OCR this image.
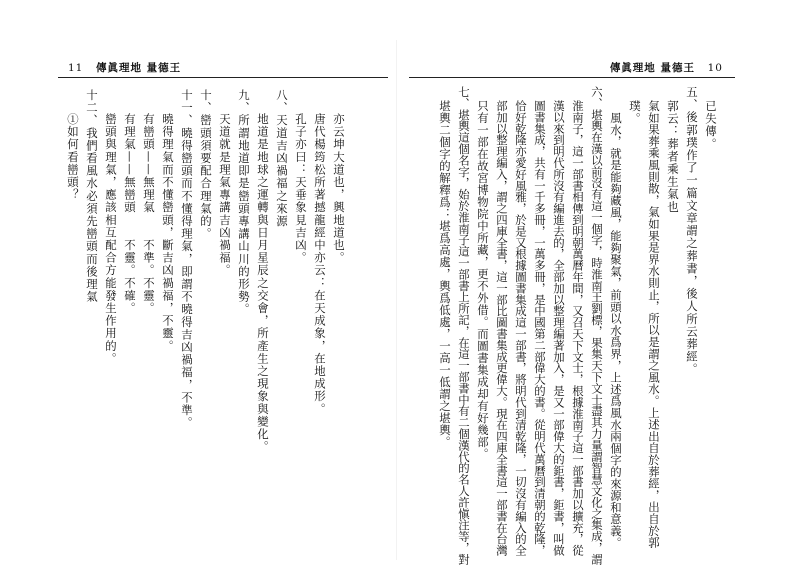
11 傳眞理地 量德王
亦云坤大道也，興地道也。
唐代楊筠松所著撼龍經中亦云：在天成象，在地成形。
孔子亦曰：天垂象見吉凶。
八、天道吉凶禍福之來源
地道是地球之運轉與日月星辰之交會，所產生之現象與變化。
九、所謂地道即是巒頭專講山川的形勢。
天道就是理氣專講吉凶禍福。
十、巒頭須要配合理氣的。
十一、曉得巒頭而不懂得理氣，即謂不曉得吉凶禍福，不準。
曉得理氣而不懂巒頭，斷吉凶禍福，不靈。
有巒頭——無理氣　　不準。不靈。
有理氣——無巒頭　　不靈。不確。
巒頭與理氣，應該相互配合方能發生作用的。
十二、我們看風水必須先巒頭而後理氣
①如何看巒頭？
傳眞理地 量德王 10
已失傳。
五、後郭璞作了一篇文章謂之葬書，後人所云葬經。
郭云：葬者乘生氣也
氣如果葬乘風則散，氣如果是界水則止，所以是謂之風水。上述出自於葬經，出自於郭
璞。
風水，就是能夠藏風，能夠聚氣，前頭以水爲界，上述爲風水兩個字的來源和意義。
六、堪輿在漢以前沒有這一個字，時淮南王劉標，果集天下文士盡其力量謂智慧文化之集成，謂
淮南子，這一部書相傳到明朝萬曆年間，又召天下文士，根據淮南子這一部書加以擴充，從
漢以來到明代所沒有編進去的，全部加以整理編著加入，是又一部偉大的鉅書，鉅書，叫做
圖書集成，共有一千多冊，一萬多冊，是中國第二部偉大的書。從明代萬曆到清朝的乾隆，
恰好乾隆亦愛好風雅，於是又根據圖書集成這一部書，將明代到清乾隆，一切沒有編入的全
部加以整理編入，謂之四庫全書，這一部比圖書集成更偉大。現在四庫全書這一部書在台灣
只有一部在故宮博物院中所藏，更不外借。而圖書集成却有好幾部。
七、堪輿這個名字，始於淮南子這一部書上所記，在這一部書中有二個漢代的名人許愼注等，對
堪輿二個字的解釋爲：堪爲高處，輿爲低處，一高一低謂之堪輿。
